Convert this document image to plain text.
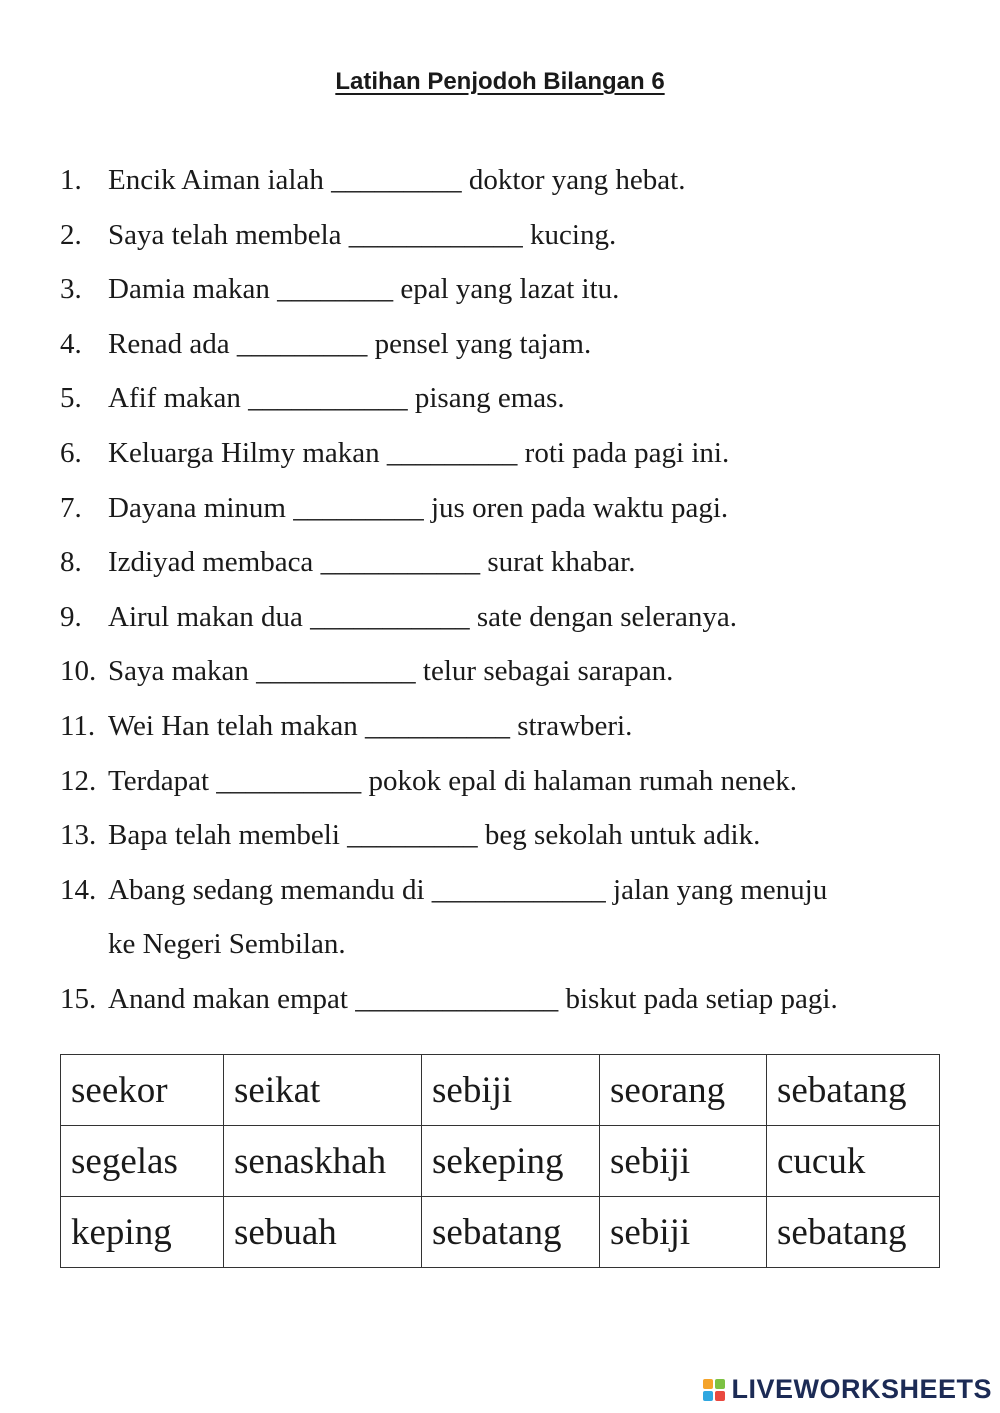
Latihan Penjodoh Bilangan 6
1. Encik Aiman ialah _________ doktor yang hebat.
2. Saya telah membela ____________ kucing.
3. Damia makan ________ epal yang lazat itu.
4. Renad ada _________ pensel yang tajam.
5. Afif makan ___________ pisang emas.
6. Keluarga Hilmy makan _________ roti pada pagi ini.
7. Dayana minum _________ jus oren pada waktu pagi.
8. Izdiyad membaca ___________ surat khabar.
9. Airul makan dua ___________ sate dengan seleranya.
10. Saya makan ___________ telur sebagai sarapan.
11. Wei Han telah makan __________ strawberi.
12. Terdapat __________ pokok epal di halaman rumah nenek.
13. Bapa telah membeli _________ beg sekolah untuk adik.
14. Abang sedang memandu di ____________ jalan yang menuju
ke Negeri Sembilan.
15. Anand makan empat ______________ biskut pada setiap pagi.
seekor	seikat	sebiji	seorang	sebatang
segelas	senaskhah	sekeping	sebiji	cucuk
keping	sebuah	sebatang	sebiji	sebatang
LIVEWORKSHEETS
